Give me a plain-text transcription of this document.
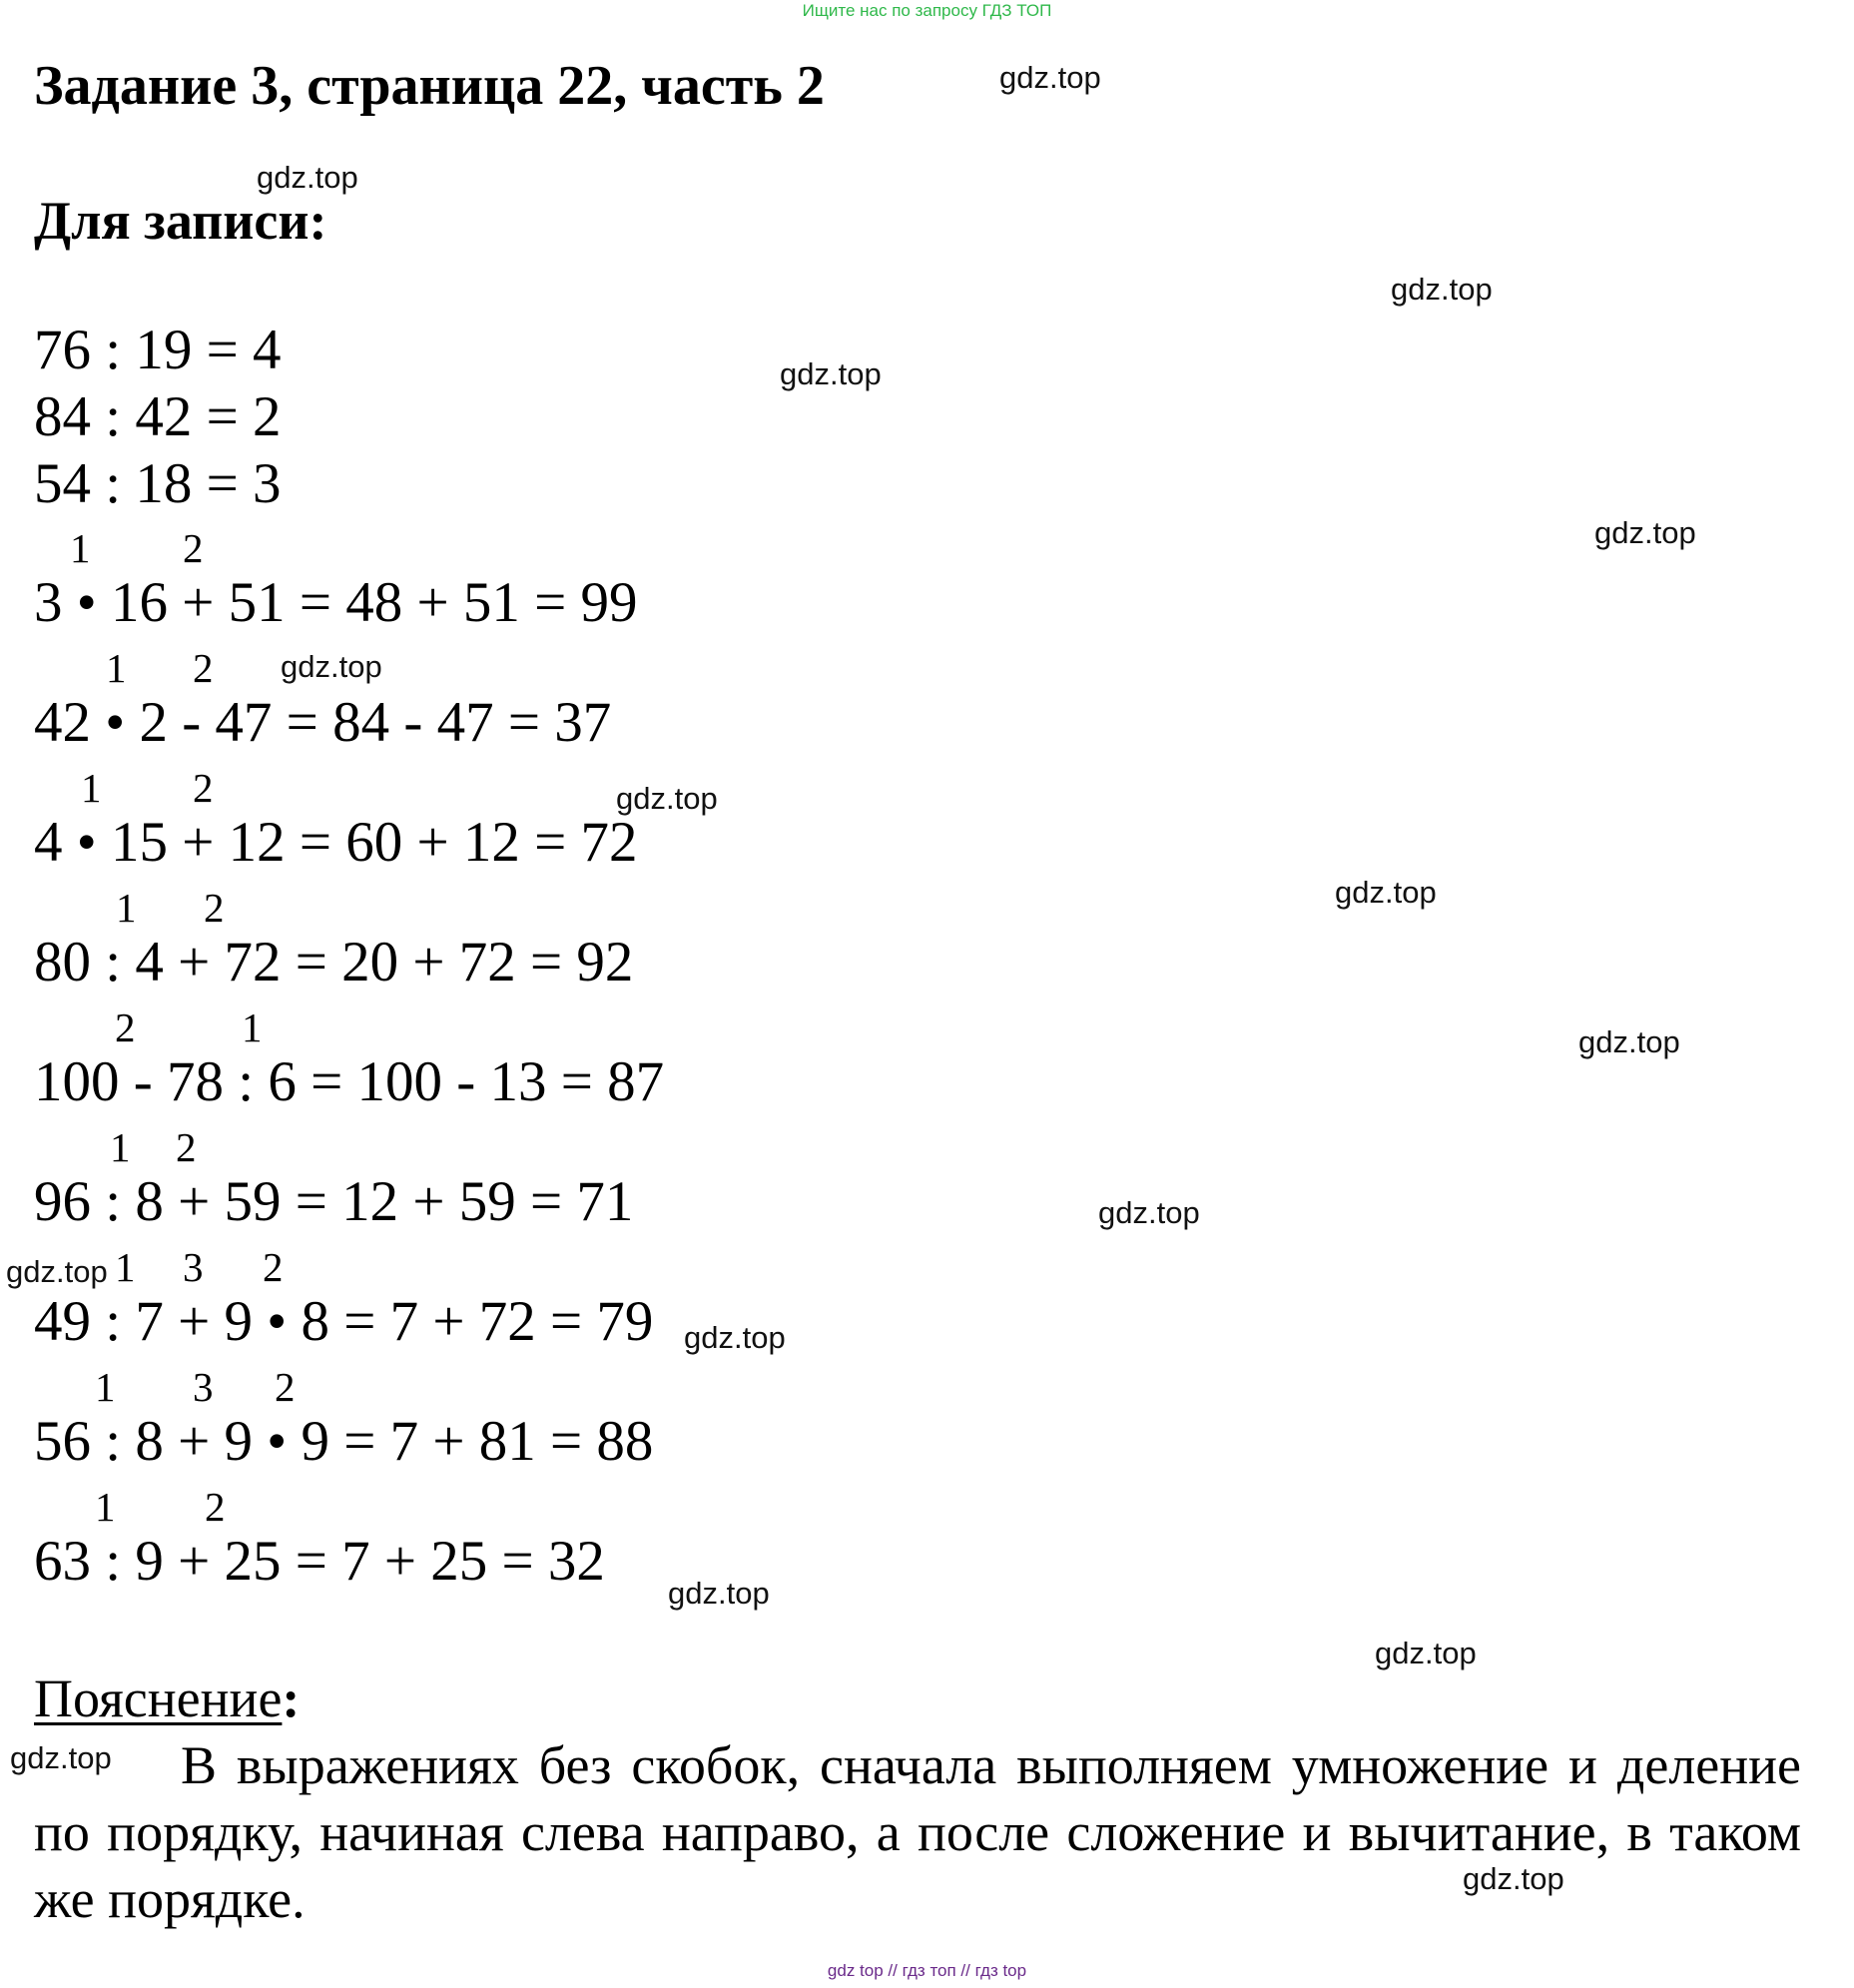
Ищите нас по запросу ГДЗ ТОП
Задание 3, страница 22, часть 2
Для записи:
76 : 19 = 4
84 : 42 = 2
54 : 18 = 3
3 • 16 + 51 = 48 + 51 = 99
42 • 2 - 47 = 84 - 47 = 37
4 • 15 + 12 = 60 + 12 = 72
80 : 4 + 72 = 20 + 72 = 92
100 - 78 : 6 = 100 - 13 = 87
96 : 8 + 59 = 12 + 59 = 71
49 : 7 + 9 • 8 = 7 + 72 = 79
56 : 8 + 9 • 9 = 7 + 81 = 88
63 : 9 + 25 = 7 + 25 = 32
1 2
1 2
1 2
1 2
2	1
1 2
1 3 2
1 3 2
1 2
Пояснение:
В выражениях без скобок, сначала выполняем умножение и деление по порядку, начиная слева направо, а после сложение и вычитание, в таком же порядке.
gdz.top
gdz.top
gdz.top
gdz.top
gdz.top
gdz.top
gdz.top
gdz.top
gdz.top
gdz.top
gdz.top
gdz.top
gdz.top
gdz.top
gdz.top
gdz.top
gdz top // гдз топ // гдз top
